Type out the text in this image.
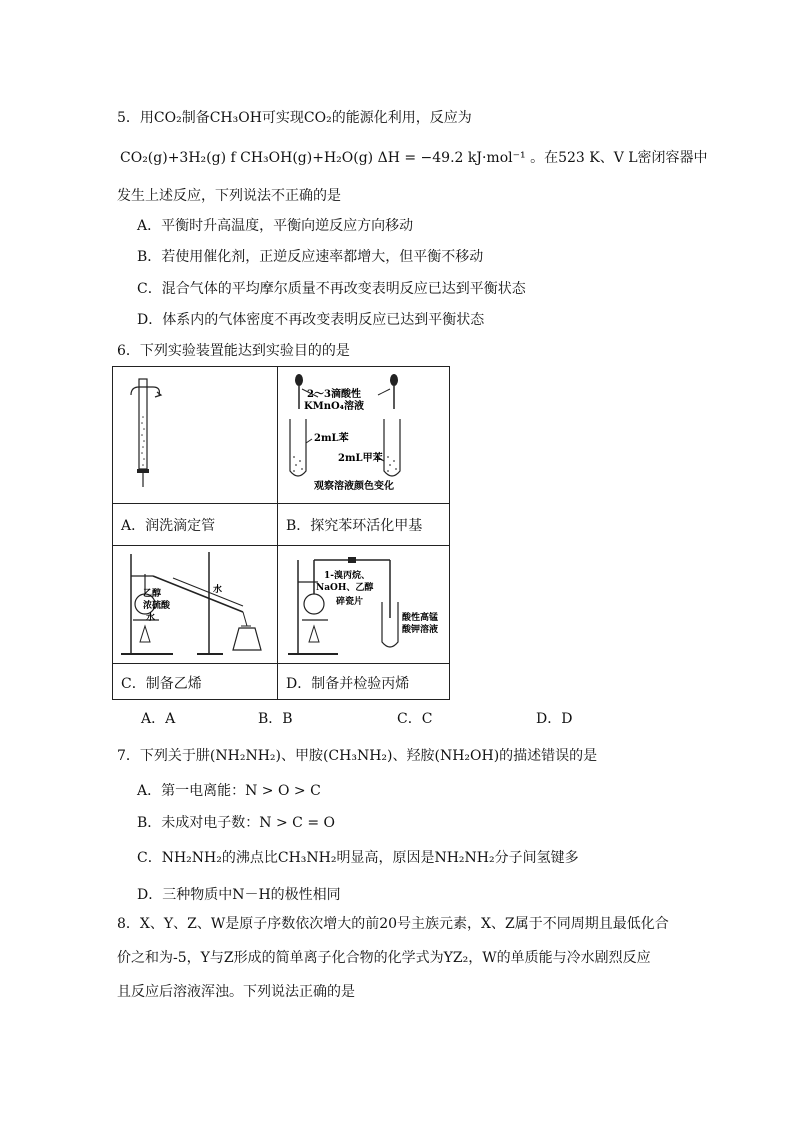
5．用CO₂制备CH₃OH可实现CO₂的能源化利用，反应为
CO₂(g)+3H₂(g) f CH₃OH(g)+H₂O(g) ΔH = −49.2 kJ·mol⁻¹ 。在523 K、V L密闭容器中
发生上述反应，下列说法不正确的是
A．平衡时升高温度，平衡向逆反应方向移动
B．若使用催化剂，正逆反应速率都增大，但平衡不移动
C．混合气体的平均摩尔质量不再改变表明反应已达到平衡状态
D．体系内的气体密度不再改变表明反应已达到平衡状态
6．下列实验装置能达到实验目的的是
2～3滴酸性
KMnO₄溶液
2mL苯
2mL甲苯
观察溶液颜色变化
A．润洗滴定管	B．探究苯环活化甲基
水
乙醇
浓硫酸
水
1-溴丙烷、
NaOH、乙醇
碎瓷片
酸性高锰
酸钾溶液
C．制备乙烯	D．制备并检验丙烯
A．A	B．B	C．C	D．D
7．下列关于肼(NH₂NH₂)、甲胺(CH₃NH₂)、羟胺(NH₂OH)的描述错误的是
A．第一电离能：N > O > C
B．未成对电子数：N > C = O
C．NH₂NH₂的沸点比CH₃NH₂明显高，原因是NH₂NH₂分子间氢键多
D．三种物质中N－H的极性相同
8．X、Y、Z、W是原子序数依次增大的前20号主族元素，X、Z属于不同周期且最低化合
价之和为-5，Y与Z形成的简单离子化合物的化学式为YZ₂，W的单质能与冷水剧烈反应
且反应后溶液浑浊。下列说法正确的是
